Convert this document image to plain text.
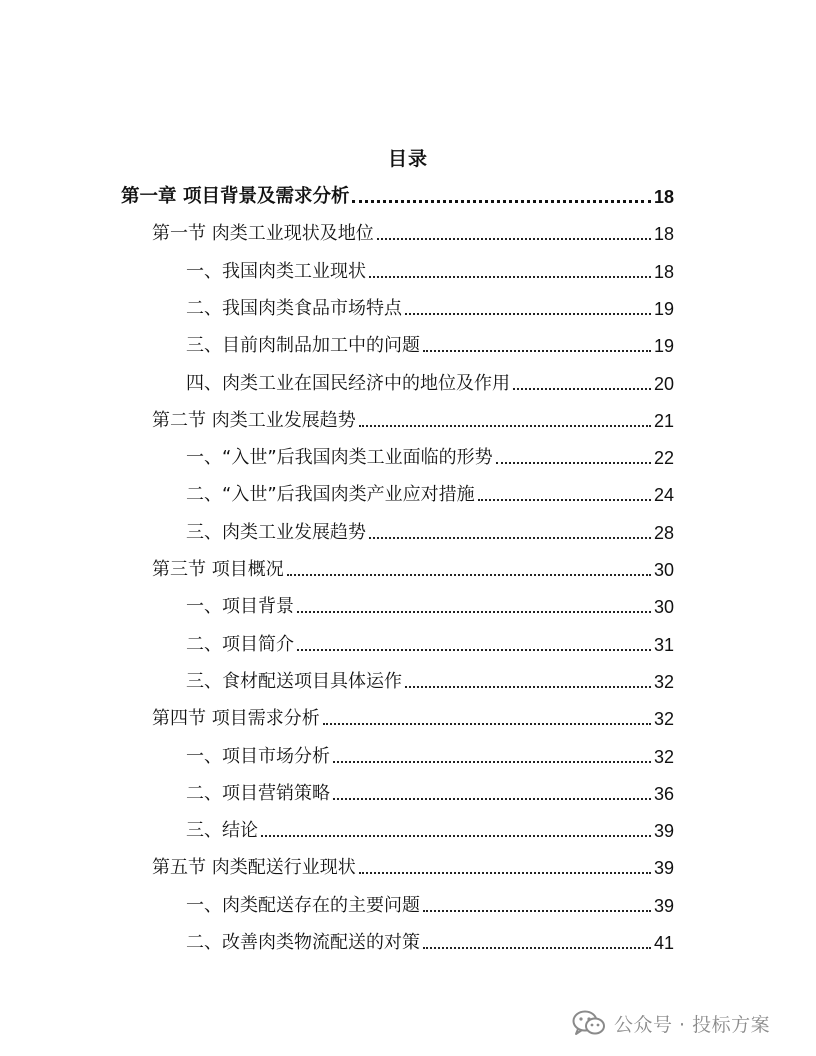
目录
第一章 项目背景及需求分析	18
第一节 肉类工业现状及地位	18
一、我国肉类工业现状	18
二、我国肉类食品市场特点	19
三、目前肉制品加工中的问题	19
四、肉类工业在国民经济中的地位及作用	20
第二节 肉类工业发展趋势	21
一、“入世”后我国肉类工业面临的形势	22
二、“入世”后我国肉类产业应对措施	24
三、肉类工业发展趋势	28
第三节 项目概况	30
一、项目背景	30
二、项目简介	31
三、食材配送项目具体运作	32
第四节 项目需求分析	32
一、项目市场分析	32
二、项目营销策略	36
三、结论	39
第五节 肉类配送行业现状	39
一、肉类配送存在的主要问题	39
二、改善肉类物流配送的对策	41
公众号 · 投标方案
